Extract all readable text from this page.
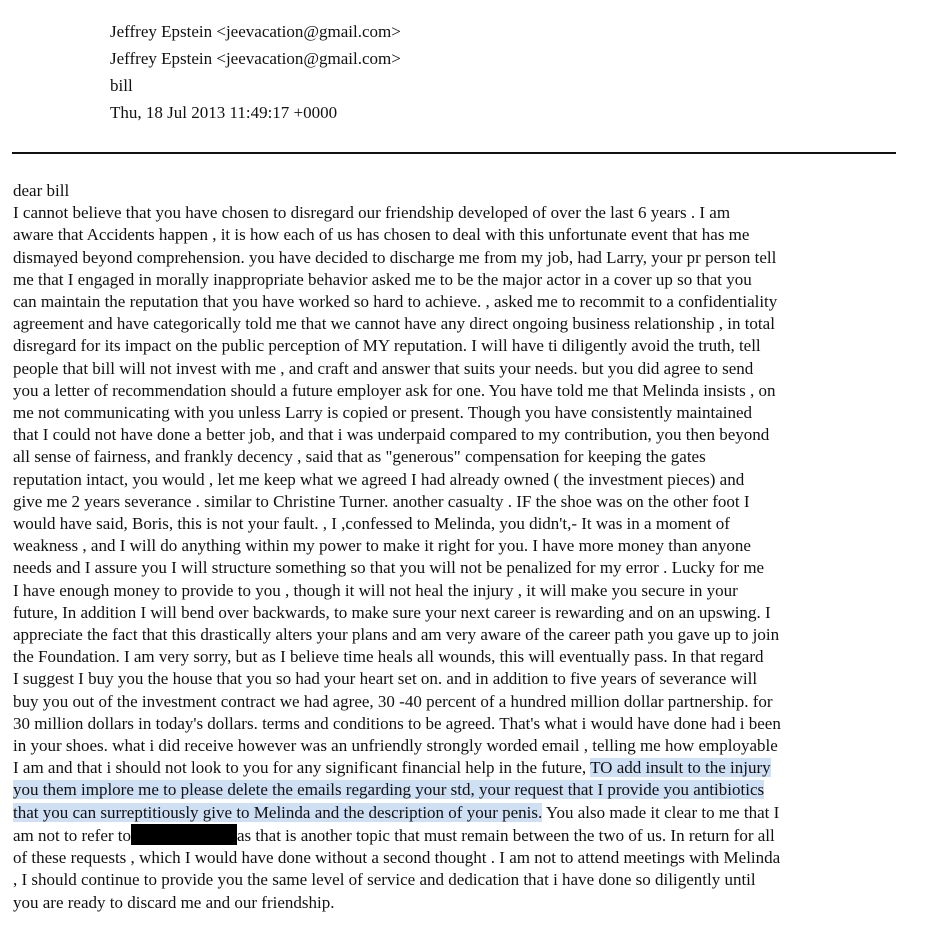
Jeffrey Epstein <jeevacation@gmail.com>
Jeffrey Epstein <jeevacation@gmail.com>
bill
Thu, 18 Jul 2013 11:49:17 +0000
dear bill
I cannot believe that you have chosen to disregard our friendship developed of over the last 6 years . I am
aware that Accidents happen , it is how each of us has chosen to deal with this unfortunate event that has me
dismayed beyond comprehension. you have decided to discharge me from my job, had Larry, your pr person tell
me that I engaged in morally inappropriate behavior asked me to be the major actor in a cover up so that you
can maintain the reputation that you have worked so hard to achieve. , asked me to recommit to a confidentiality
agreement and have categorically told me that we cannot have any direct ongoing business relationship , in total
disregard for its impact on the public perception of MY reputation. I will have ti diligently avoid the truth, tell
people that bill will not invest with me , and craft and answer that suits your needs. but you did agree to send
you a letter of recommendation should a future employer ask for one. You have told me that Melinda insists , on
me not communicating with you unless Larry is copied or present. Though you have consistently maintained
that I could not have done a better job, and that i was underpaid compared to my contribution, you then beyond
all sense of fairness, and frankly decency , said that as "generous" compensation for keeping the gates
reputation intact, you would , let me keep what we agreed I had already owned ( the investment pieces) and
give me 2 years severance . similar to Christine Turner. another casualty . IF the shoe was on the other foot I
would have said, Boris, this is not your fault. , I ,confessed to Melinda, you didn't,- It was in a moment of
weakness , and I will do anything within my power to make it right for you. I have more money than anyone
needs and I assure you I will structure something so that you will not be penalized for my error . Lucky for me
I have enough money to provide to you , though it will not heal the injury , it will make you secure in your
future, In addition I will bend over backwards, to make sure your next career is rewarding and on an upswing. I
appreciate the fact that this drastically alters your plans and am very aware of the career path you gave up to join
the Foundation. I am very sorry, but as I believe time heals all wounds, this will eventually pass. In that regard
I suggest I buy you the house that you so had your heart set on. and in addition to five years of severance will
buy you out of the investment contract we had agree, 30 -40 percent of a hundred million dollar partnership. for
30 million dollars in today's dollars. terms and conditions to be agreed. That's what i would have done had i been
in your shoes. what i did receive however was an unfriendly strongly worded email , telling me how employable
I am and that i should not look to you for any significant financial help in the future, TO add insult to the injury
you them implore me to please delete the emails regarding your std, your request that I provide you antibiotics
that you can surreptitiously give to Melinda and the description of your penis. You also made it clear to me that I
am not to refer to	as that is another topic that must remain between the two of us. In return for all
of these requests , which I would have done without a second thought . I am not to attend meetings with Melinda
, I should continue to provide you the same level of service and dedication that i have done so diligently until
you are ready to discard me and our friendship.
